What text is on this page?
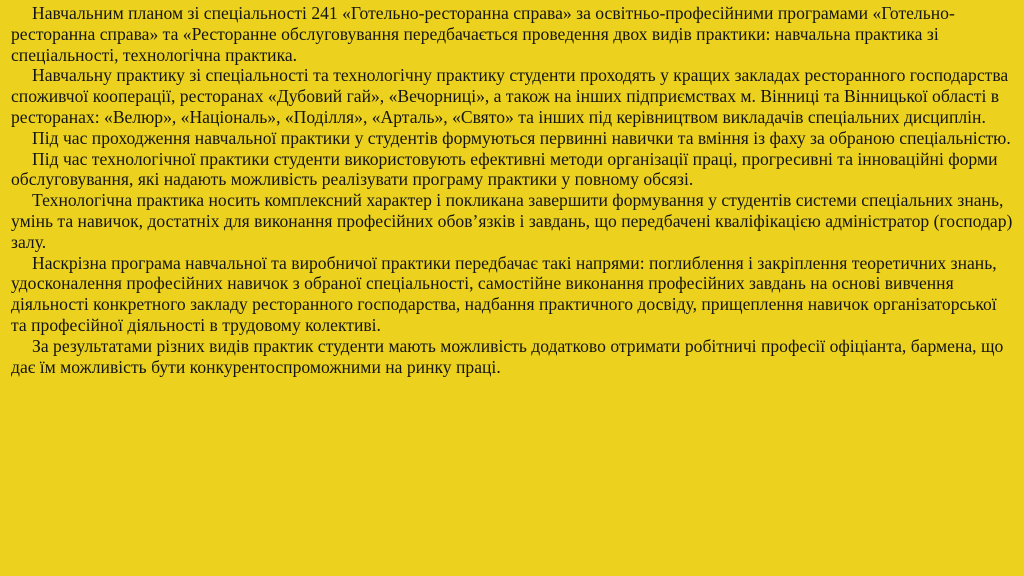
Навчальним планом зі спеціальності 241 «Готельно-ресторанна справа» за освітньо-професійними програмами «Готельно-ресторанна справа» та «Ресторанне обслуговування передбачається проведення двох видів практики: навчальна практика зі спеціальності, технологічна практика.

Навчальну практику зі спеціальності та технологічну практику студенти проходять у кращих закладах ресторанного господарства споживчої кооперації, ресторанах «Дубовий гай», «Вечорниці», а також на інших підприємствах м. Вінниці та Вінницької області в ресторанах: «Велюр», «Національ», «Поділля», «Арталь», «Свято» та інших під керівництвом викладачів спеціальних дисциплін.

Під час проходження навчальної практики у студентів формуються первинні навички та вміння із фаху за обраною спеціальністю.

Під час технологічної практики студенти використовують ефективні методи організації праці, прогресивні та інноваційні форми обслуговування, які надають можливість реалізувати програму практики у повному обсязі.

Технологічна практика носить комплексний характер і покликана завершити формування у студентів системи спеціальних знань, умінь та навичок, достатніх для виконання професійних обов’язків і завдань, що передбачені кваліфікацією адміністратор (господар) залу.

Наскрізна програма навчальної та виробничої практики передбачає такі напрями: поглиблення і закріплення теоретичних знань, удосконалення професійних навичок з обраної спеціальності, самостійне виконання професійних завдань на основі вивчення діяльності конкретного закладу ресторанного господарства, надбання практичного досвіду, прищеплення навичок організаторської та професійної діяльності в трудовому колективі.

За результатами різних видів практик студенти мають можливість додатково отримати робітничі професії офіціанта, бармена, що дає їм можливість бути конкурентоспроможними на ринку праці.
